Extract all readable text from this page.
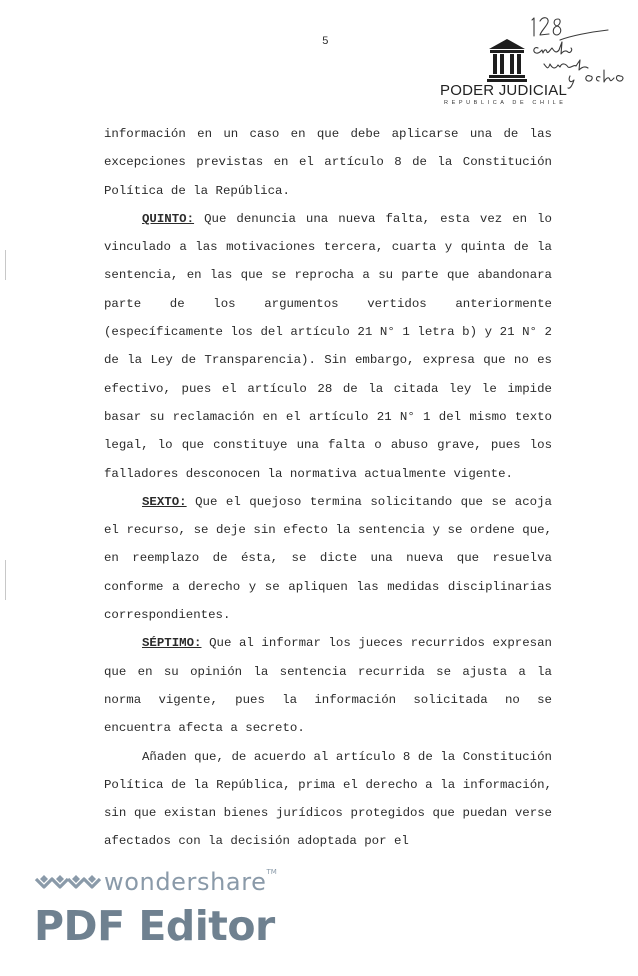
5
PODER JUDICIAL
REPUBLICA DE CHILE

información en un caso en que debe aplicarse una de las excepciones previstas en el artículo 8 de la Constitución Política de la República.

QUINTO: Que denuncia una nueva falta, esta vez en lo vinculado a las motivaciones tercera, cuarta y quinta de la sentencia, en las que se reprocha a su parte que abandonara parte de los argumentos vertidos anteriormente (específicamente los del artículo 21 N° 1 letra b) y 21 N° 2 de la Ley de Transparencia). Sin embargo, expresa que no es efectivo, pues el artículo 28 de la citada ley le impide basar su reclamación en el artículo 21 N° 1 del mismo texto legal, lo que constituye una falta o abuso grave, pues los falladores desconocen la normativa actualmente vigente.

SEXTO: Que el quejoso termina solicitando que se acoja el recurso, se deje sin efecto la sentencia y se ordene que, en reemplazo de ésta, se dicte una nueva que resuelva conforme a derecho y se apliquen las medidas disciplinarias correspondientes.

SÉPTIMO: Que al informar los jueces recurridos expresan que en su opinión la sentencia recurrida se ajusta a la norma vigente, pues la información solicitada no se encuentra afecta a secreto.

Añaden que, de acuerdo al artículo 8 de la Constitución Política de la República, prima el derecho a la información, sin que existan bienes jurídicos protegidos que puedan verse afectados con la decisión adoptada por el

wondershare™
PDF Editor
